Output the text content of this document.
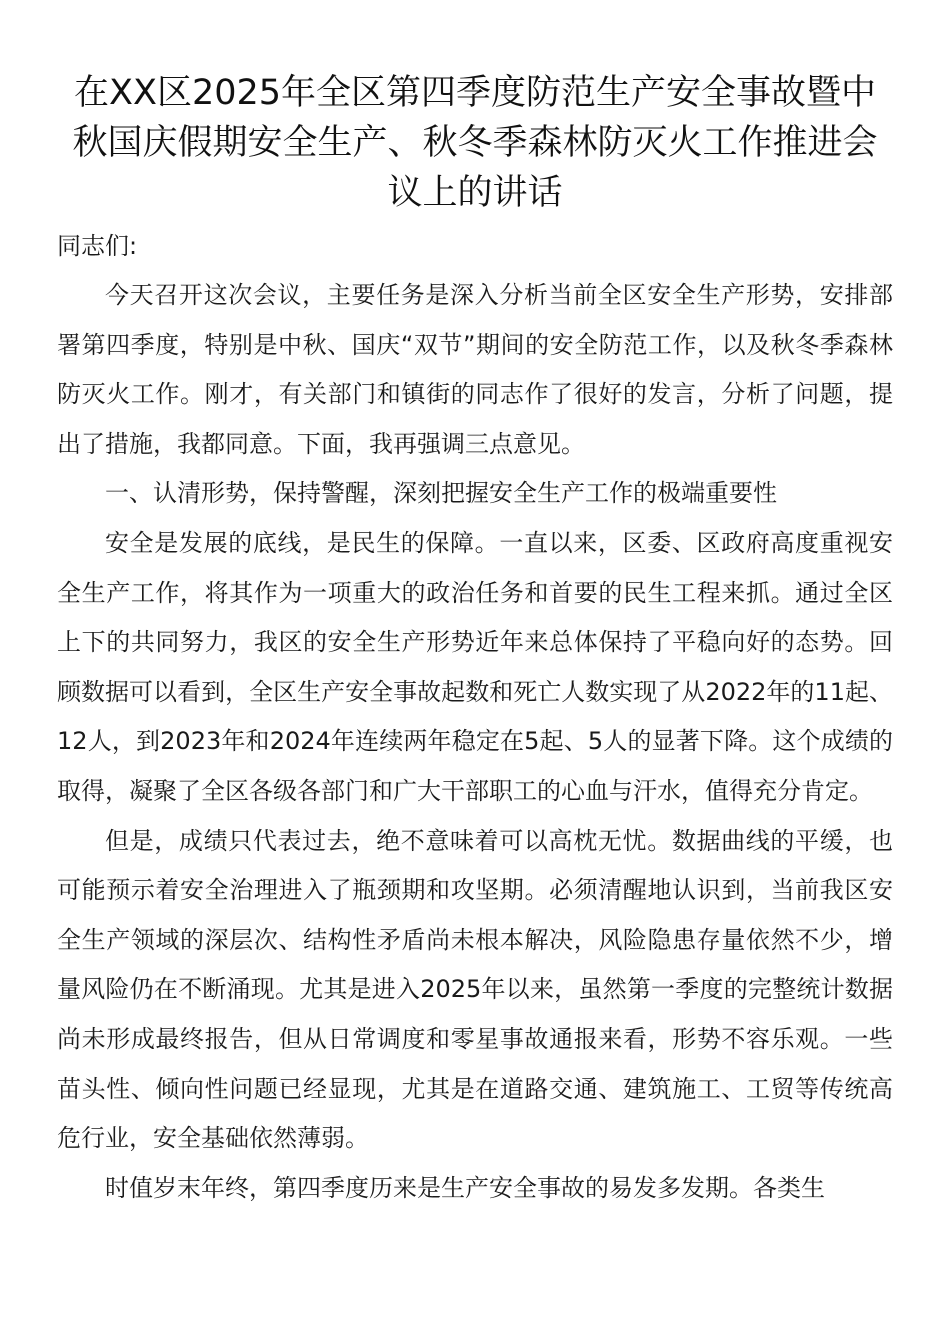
在XX区2025年全区第四季度防范生产安全事故暨中秋国庆假期安全生产、秋冬季森林防灭火工作推进会议上的讲话

同志们:

今天召开这次会议，主要任务是深入分析当前全区安全生产形势，安排部署第四季度，特别是中秋、国庆“双节”期间的安全防范工作，以及秋冬季森林防灭火工作。刚才，有关部门和镇街的同志作了很好的发言，分析了问题，提出了措施，我都同意。下面，我再强调三点意见。

一、认清形势，保持警醒，深刻把握安全生产工作的极端重要性

安全是发展的底线，是民生的保障。一直以来，区委、区政府高度重视安全生产工作，将其作为一项重大的政治任务和首要的民生工程来抓。通过全区上下的共同努力，我区的安全生产形势近年来总体保持了平稳向好的态势。回顾数据可以看到，全区生产安全事故起数和死亡人数实现了从2022年的11起、12人，到2023年和2024年连续两年稳定在5起、5人的显著下降。这个成绩的取得，凝聚了全区各级各部门和广大干部职工的心血与汗水，值得充分肯定。

但是，成绩只代表过去，绝不意味着可以高枕无忧。数据曲线的平缓，也可能预示着安全治理进入了瓶颈期和攻坚期。必须清醒地认识到，当前我区安全生产领域的深层次、结构性矛盾尚未根本解决，风险隐患存量依然不少，增量风险仍在不断涌现。尤其是进入2025年以来，虽然第一季度的完整统计数据尚未形成最终报告，但从日常调度和零星事故通报来看，形势不容乐观。一些苗头性、倾向性问题已经显现，尤其是在道路交通、建筑施工、工贸等传统高危行业，安全基础依然薄弱。

时值岁末年终，第四季度历来是生产安全事故的易发多发期。各类生
